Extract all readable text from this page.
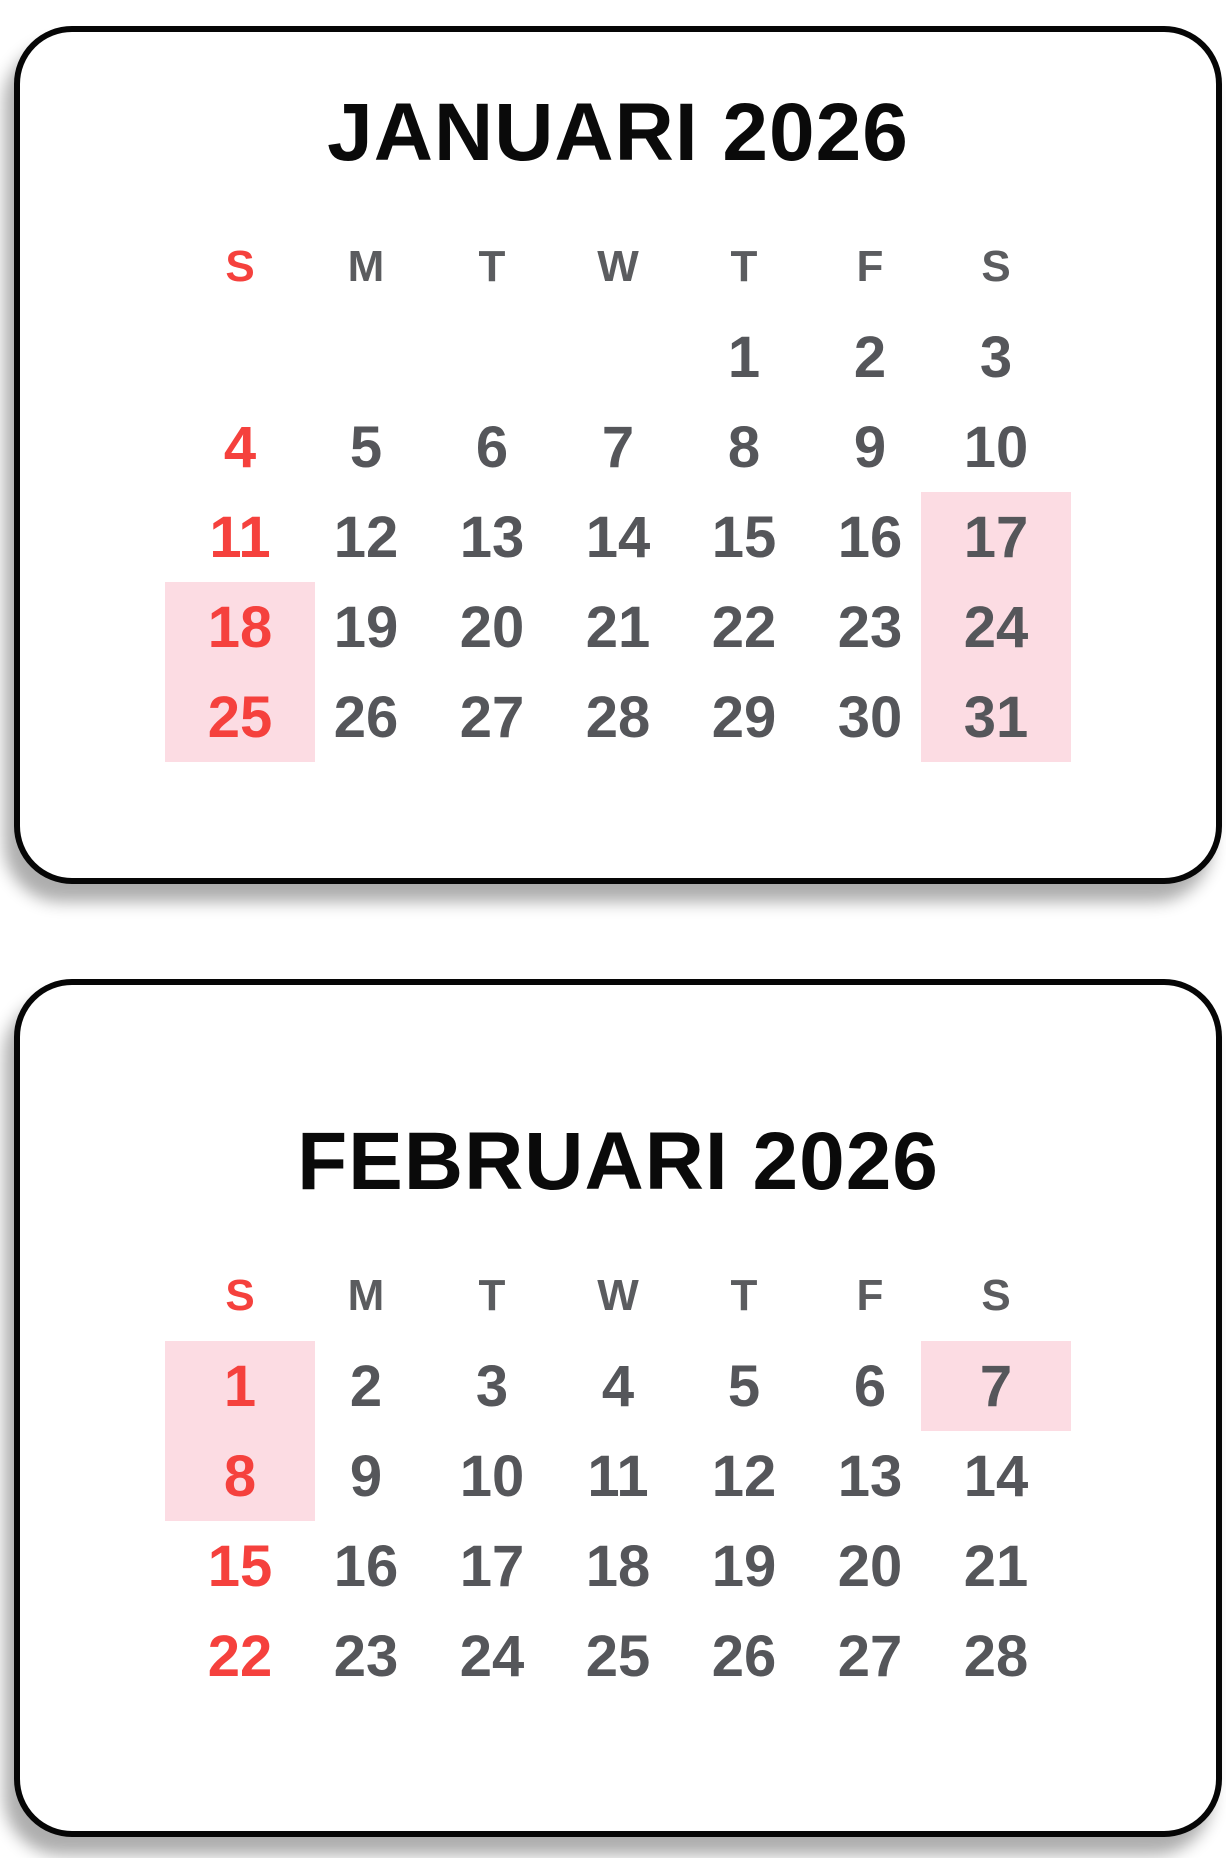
JANUARI 2026
S M T W T F S
1 2 3
4 5 6 7 8 9 10
11 12 13 14 15 16 17
18 19 20 21 22 23 24
25 26 27 28 29 30 31
FEBRUARI 2026
S M T W T F S
1 2 3 4 5 6 7
8 9 10 11 12 13 14
15 16 17 18 19 20 21
22 23 24 25 26 27 28
